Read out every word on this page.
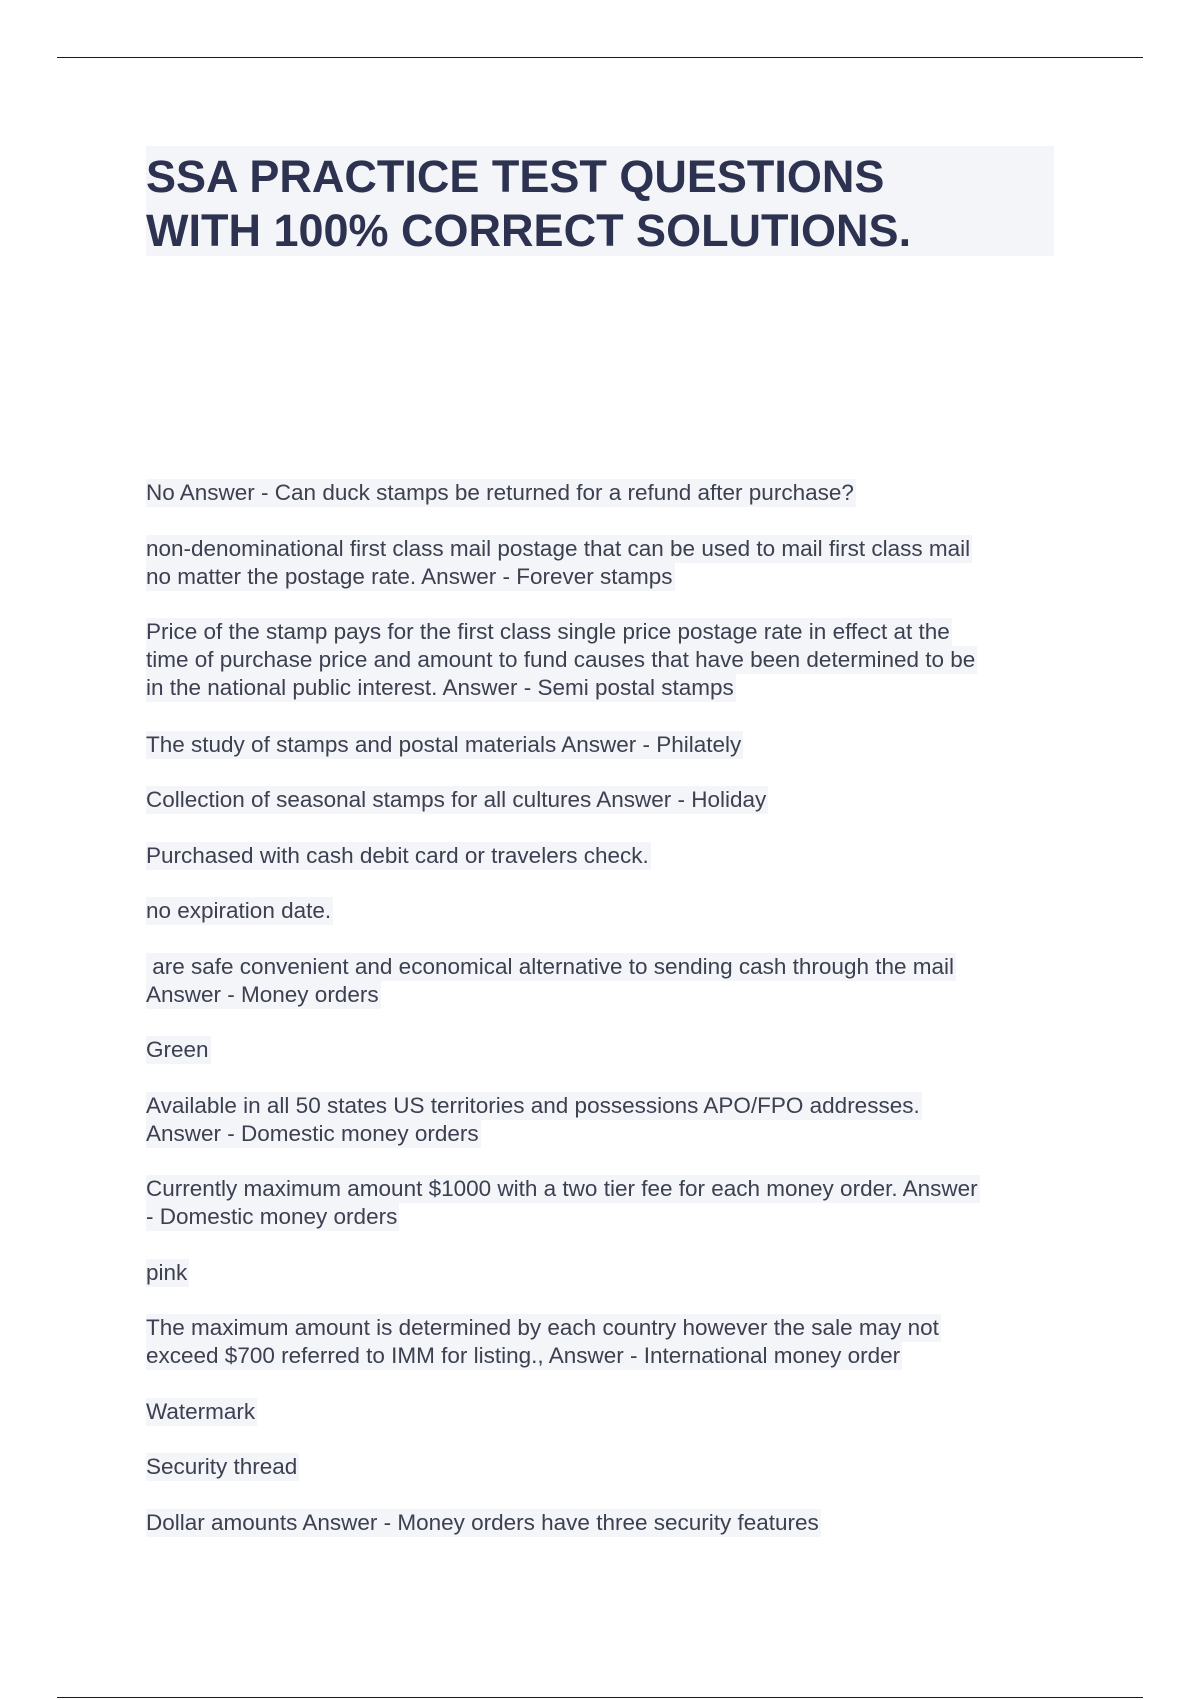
SSA PRACTICE TEST QUESTIONS
WITH 100% CORRECT SOLUTIONS.
No Answer - Can duck stamps be returned for a refund after purchase?
non-denominational first class mail postage that can be used to mail first class mail
no matter the postage rate. Answer - Forever stamps
Price of the stamp pays for the first class single price postage rate in effect at the
time of purchase price and amount to fund causes that have been determined to be
in the national public interest. Answer - Semi postal stamps
The study of stamps and postal materials Answer - Philately
Collection of seasonal stamps for all cultures Answer - Holiday
Purchased with cash debit card or travelers check.
no expiration date.
are safe convenient and economical alternative to sending cash through the mail
Answer - Money orders
Green
Available in all 50 states US territories and possessions APO/FPO addresses.
Answer - Domestic money orders
Currently maximum amount $1000 with a two tier fee for each money order. Answer
- Domestic money orders
pink
The maximum amount is determined by each country however the sale may not
exceed $700 referred to IMM for listing., Answer - International money order
Watermark
Security thread
Dollar amounts Answer - Money orders have three security features
